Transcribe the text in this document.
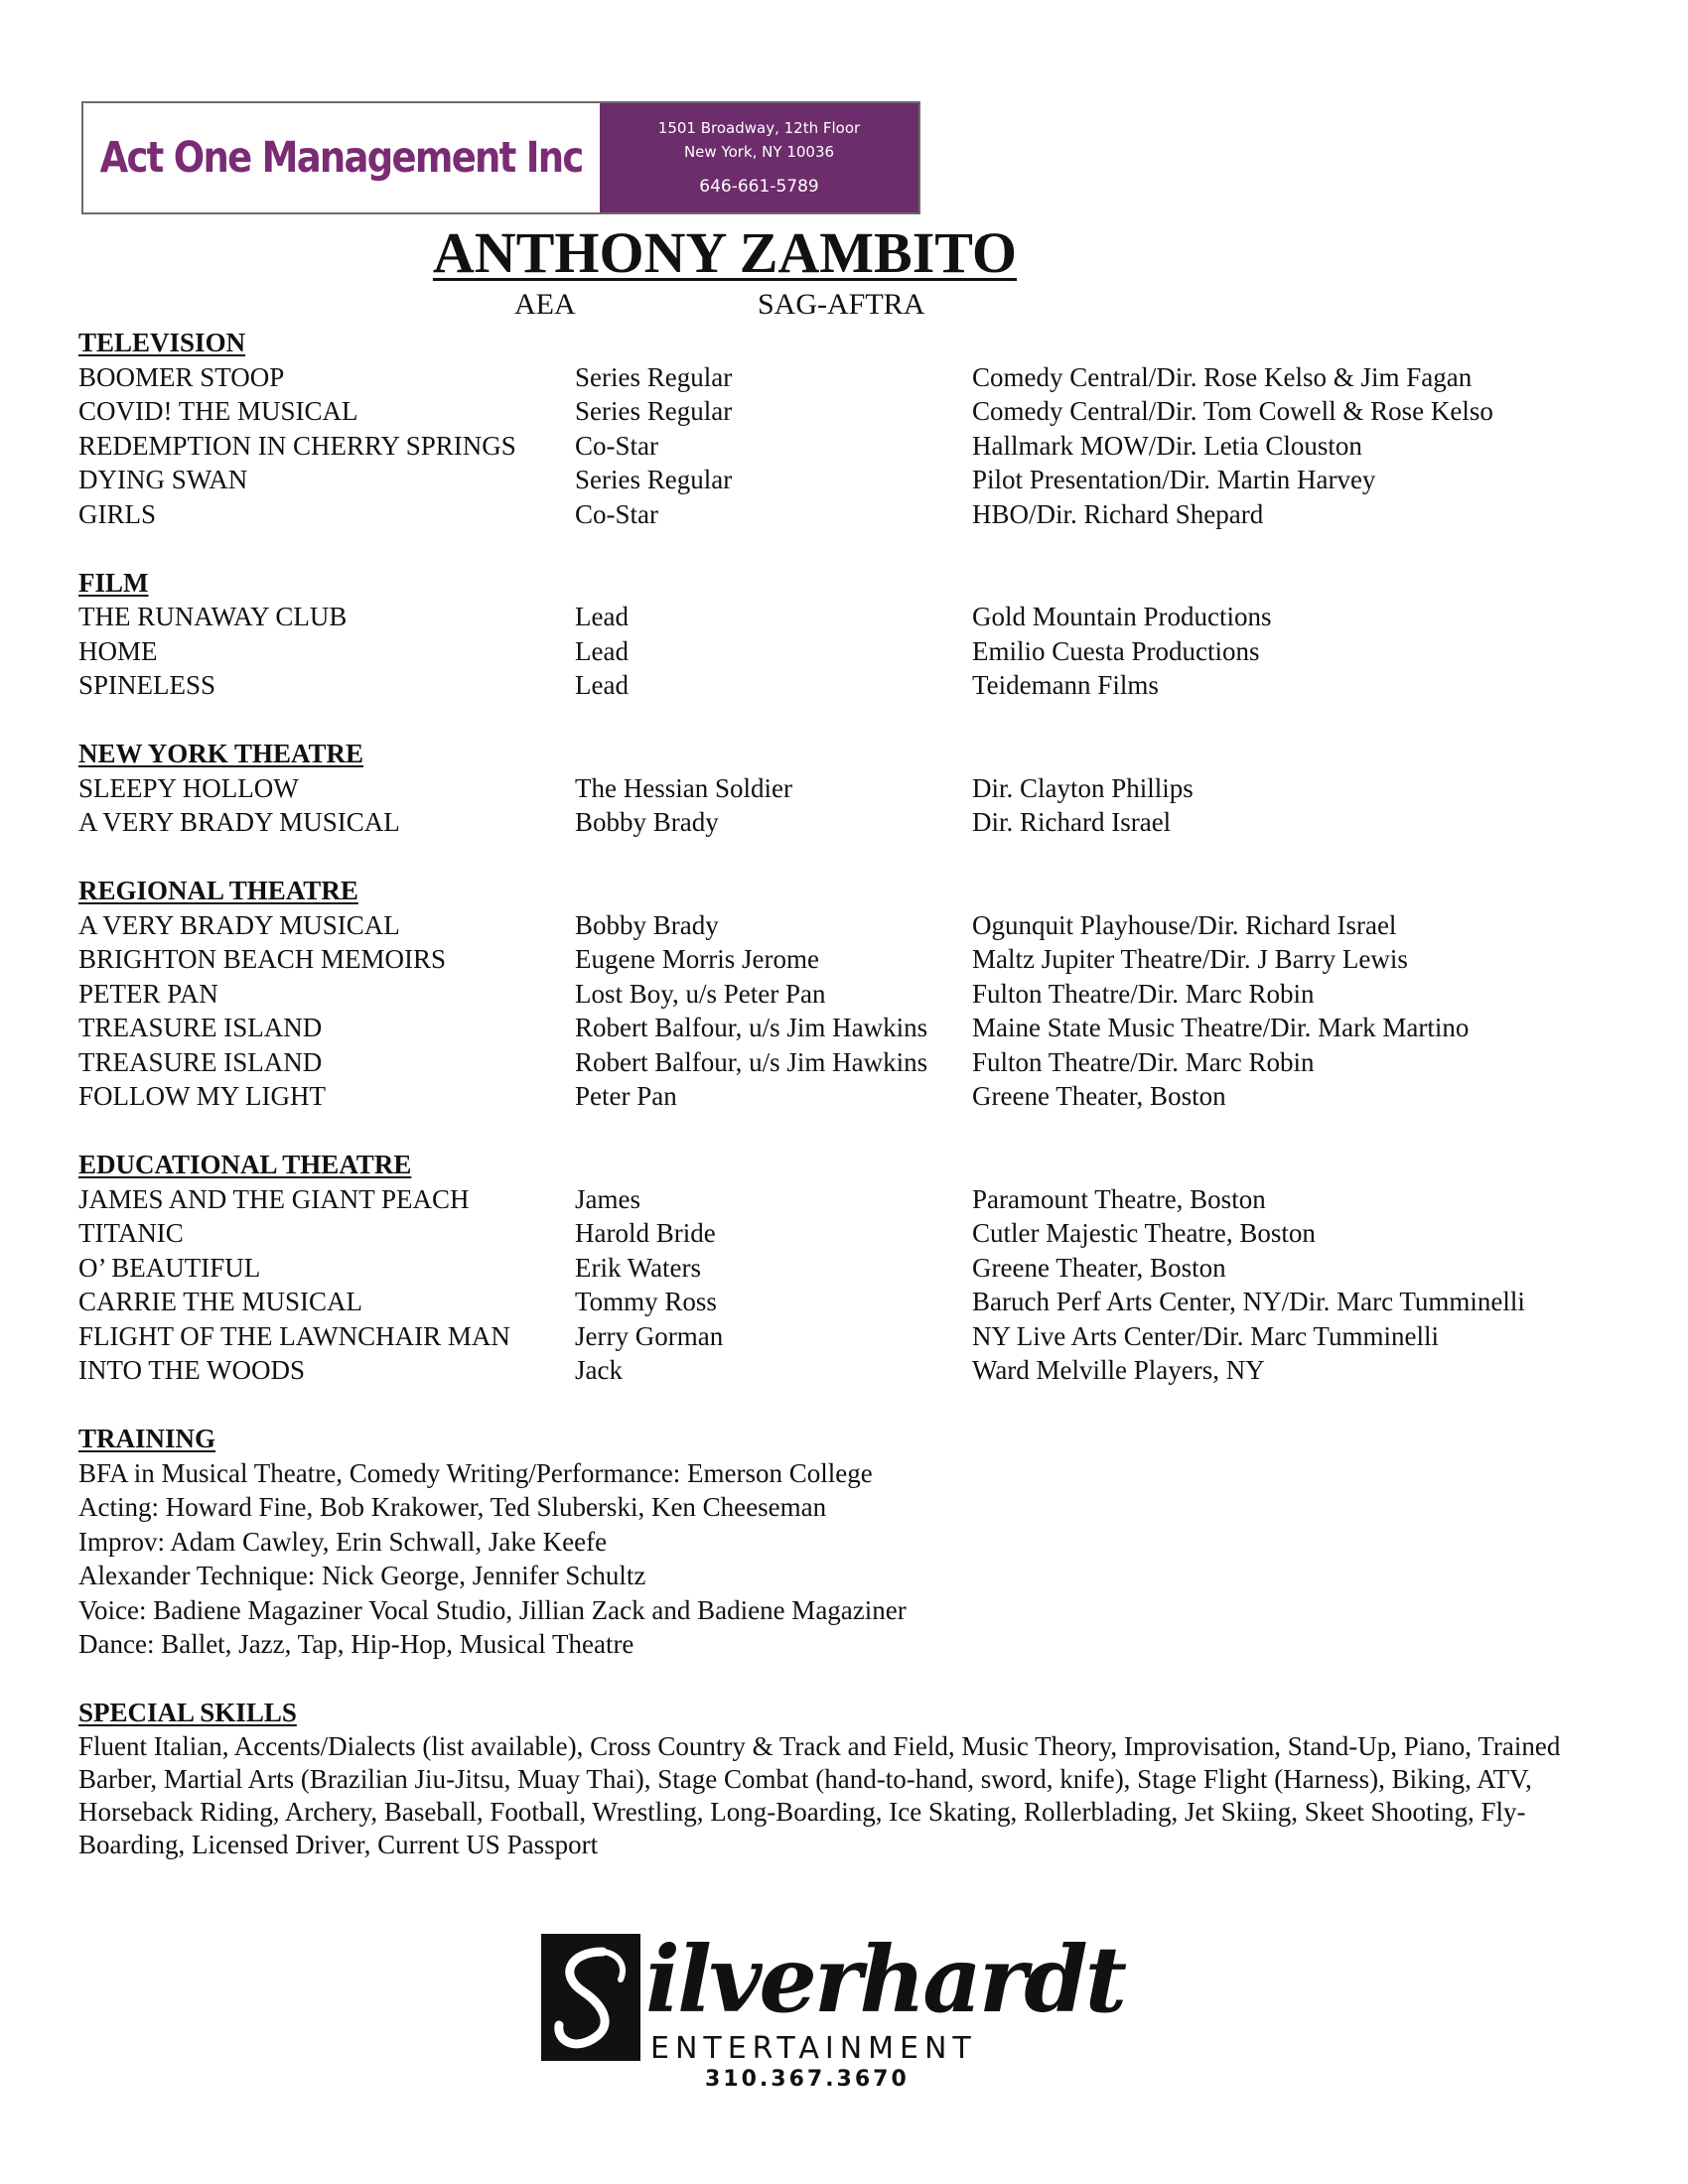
Act One Management Inc
1501 Broadway, 12th Floor
New York, NY 10036
646-661-5789
ANTHONY ZAMBITO
AEA	SAG-AFTRA
TELEVISION
BOOMER STOOP	Series Regular	Comedy Central/Dir. Rose Kelso & Jim Fagan
COVID! THE MUSICAL	Series Regular	Comedy Central/Dir. Tom Cowell & Rose Kelso
REDEMPTION IN CHERRY SPRINGS	Co-Star	Hallmark MOW/Dir. Letia Clouston
DYING SWAN	Series Regular	Pilot Presentation/Dir. Martin Harvey
GIRLS	Co-Star	HBO/Dir. Richard Shepard
FILM
THE RUNAWAY CLUB	Lead	Gold Mountain Productions
HOME	Lead	Emilio Cuesta Productions
SPINELESS	Lead	Teidemann Films
NEW YORK THEATRE
SLEEPY HOLLOW	The Hessian Soldier	Dir. Clayton Phillips
A VERY BRADY MUSICAL	Bobby Brady	Dir. Richard Israel
REGIONAL THEATRE
A VERY BRADY MUSICAL	Bobby Brady	Ogunquit Playhouse/Dir. Richard Israel
BRIGHTON BEACH MEMOIRS	Eugene Morris Jerome	Maltz Jupiter Theatre/Dir. J Barry Lewis
PETER PAN	Lost Boy, u/s Peter Pan	Fulton Theatre/Dir. Marc Robin
TREASURE ISLAND	Robert Balfour, u/s Jim Hawkins	Maine State Music Theatre/Dir. Mark Martino
TREASURE ISLAND	Robert Balfour, u/s Jim Hawkins	Fulton Theatre/Dir. Marc Robin
FOLLOW MY LIGHT	Peter Pan	Greene Theater, Boston
EDUCATIONAL THEATRE
JAMES AND THE GIANT PEACH	James	Paramount Theatre, Boston
TITANIC	Harold Bride	Cutler Majestic Theatre, Boston
O’ BEAUTIFUL	Erik Waters	Greene Theater, Boston
CARRIE THE MUSICAL	Tommy Ross	Baruch Perf Arts Center, NY/Dir. Marc Tumminelli
FLIGHT OF THE LAWNCHAIR MAN	Jerry Gorman	NY Live Arts Center/Dir. Marc Tumminelli
INTO THE WOODS	Jack	Ward Melville Players, NY
TRAINING
BFA in Musical Theatre, Comedy Writing/Performance: Emerson College
Acting: Howard Fine, Bob Krakower, Ted Sluberski, Ken Cheeseman
Improv: Adam Cawley, Erin Schwall, Jake Keefe
Alexander Technique: Nick George, Jennifer Schultz
Voice: Badiene Magaziner Vocal Studio, Jillian Zack and Badiene Magaziner
Dance: Ballet, Jazz, Tap, Hip-Hop, Musical Theatre
SPECIAL SKILLS
Fluent Italian, Accents/Dialects (list available), Cross Country & Track and Field, Music Theory, Improvisation, Stand-Up, Piano, Trained Barber, Martial Arts (Brazilian Jiu-Jitsu, Muay Thai), Stage Combat (hand-to-hand, sword, knife), Stage Flight (Harness), Biking, ATV, Horseback Riding, Archery, Baseball, Football, Wrestling, Long-Boarding, Ice Skating, Rollerblading, Jet Skiing, Skeet Shooting, Fly-Boarding, Licensed Driver, Current US Passport
ilverhardt
ENTERTAINMENT
310.367.3670
